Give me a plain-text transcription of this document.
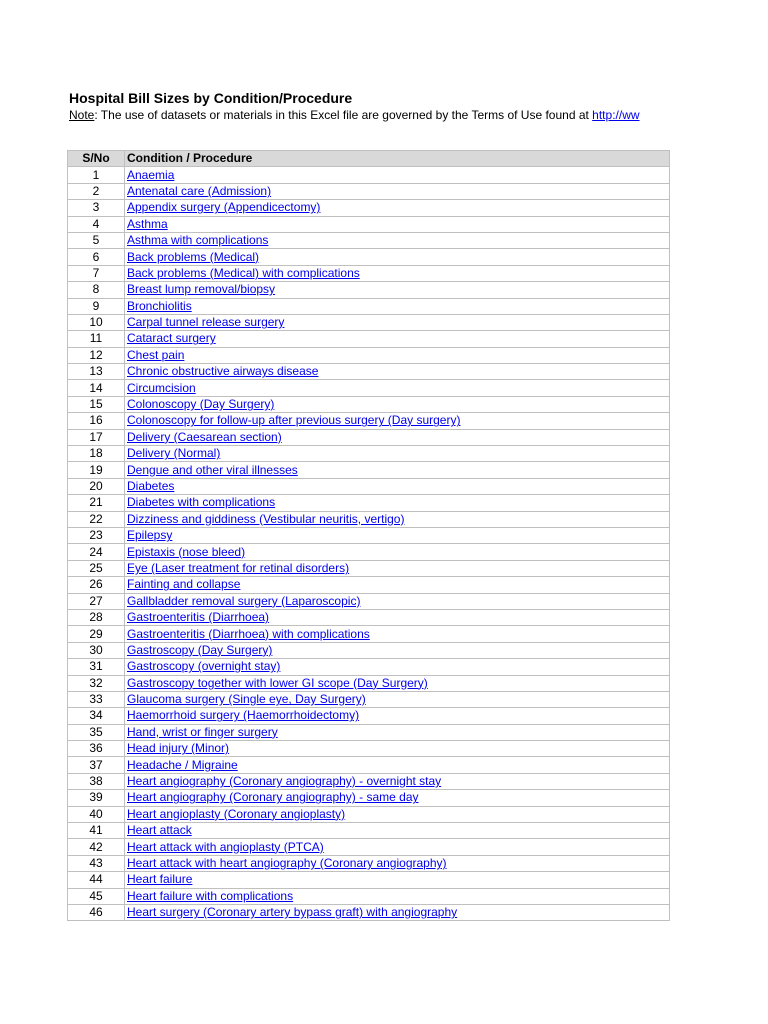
Hospital Bill Sizes by Condition/Procedure
Note: The use of datasets or materials in this Excel file are governed by the Terms of Use found at http://ww
S/No	Condition / Procedure
1	Anaemia
2	Antenatal care (Admission)
3	Appendix surgery (Appendicectomy)
4	Asthma
5	Asthma with complications
6	Back problems (Medical)
7	Back problems (Medical) with complications
8	Breast lump removal/biopsy
9	Bronchiolitis
10	Carpal tunnel release surgery
11	Cataract surgery
12	Chest pain
13	Chronic obstructive airways disease
14	Circumcision
15	Colonoscopy (Day Surgery)
16	Colonoscopy for follow-up after previous surgery (Day surgery)
17	Delivery (Caesarean section)
18	Delivery (Normal)
19	Dengue and other viral illnesses
20	Diabetes
21	Diabetes with complications
22	Dizziness and giddiness (Vestibular neuritis, vertigo)
23	Epilepsy
24	Epistaxis (nose bleed)
25	Eye (Laser treatment for retinal disorders)
26	Fainting and collapse
27	Gallbladder removal surgery (Laparoscopic)
28	Gastroenteritis (Diarrhoea)
29	Gastroenteritis (Diarrhoea) with complications
30	Gastroscopy (Day Surgery)
31	Gastroscopy (overnight stay)
32	Gastroscopy together with lower GI scope (Day Surgery)
33	Glaucoma surgery (Single eye, Day Surgery)
34	Haemorrhoid surgery (Haemorrhoidectomy)
35	Hand, wrist or finger surgery
36	Head injury (Minor)
37	Headache / Migraine
38	Heart angiography (Coronary angiography) - overnight stay
39	Heart angiography (Coronary angiography) - same day
40	Heart angioplasty (Coronary angioplasty)
41	Heart attack
42	Heart attack with angioplasty (PTCA)
43	Heart attack with heart angiography (Coronary angiography)
44	Heart failure
45	Heart failure with complications
46	Heart surgery (Coronary artery bypass graft) with angiography
